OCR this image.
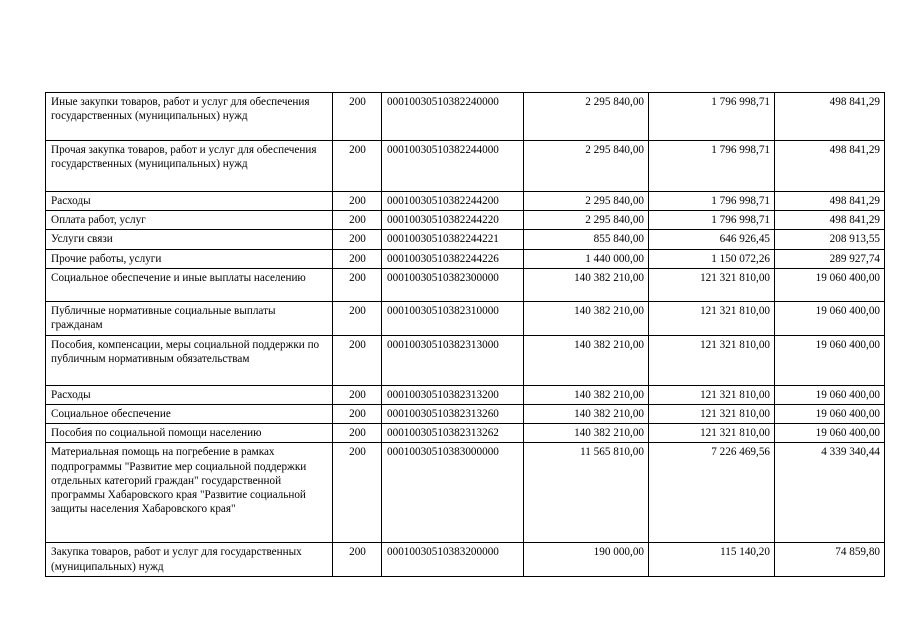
Иные закупки товаров, работ и услуг для обеспечения государственных (муниципальных) нужд	200	00010030510382240000	2 295 840,00	1 796 998,71	498 841,29
Прочая закупка товаров, работ и услуг для обеспечения государственных (муниципальных) нужд	200	00010030510382244000	2 295 840,00	1 796 998,71	498 841,29
Расходы	200	00010030510382244200	2 295 840,00	1 796 998,71	498 841,29
Оплата работ, услуг	200	00010030510382244220	2 295 840,00	1 796 998,71	498 841,29
Услуги связи	200	00010030510382244221	855 840,00	646 926,45	208 913,55
Прочие работы, услуги	200	00010030510382244226	1 440 000,00	1 150 072,26	289 927,74
Социальное обеспечение и иные выплаты населению	200	00010030510382300000	140 382 210,00	121 321 810,00	19 060 400,00
Публичные нормативные социальные выплаты гражданам	200	00010030510382310000	140 382 210,00	121 321 810,00	19 060 400,00
Пособия, компенсации, меры социальной поддержки по публичным нормативным обязательствам	200	00010030510382313000	140 382 210,00	121 321 810,00	19 060 400,00
Расходы	200	00010030510382313200	140 382 210,00	121 321 810,00	19 060 400,00
Социальное обеспечение	200	00010030510382313260	140 382 210,00	121 321 810,00	19 060 400,00
Пособия по социальной помощи населению	200	00010030510382313262	140 382 210,00	121 321 810,00	19 060 400,00
Материальная помощь на погребение в рамках подпрограммы "Развитие мер социальной поддержки отдельных категорий граждан" государственной программы Хабаровского края "Развитие социальной защиты населения Хабаровского края"	200	00010030510383000000	11 565 810,00	7 226 469,56	4 339 340,44
Закупка товаров, работ и услуг для государственных (муниципальных) нужд	200	00010030510383200000	190 000,00	115 140,20	74 859,80
